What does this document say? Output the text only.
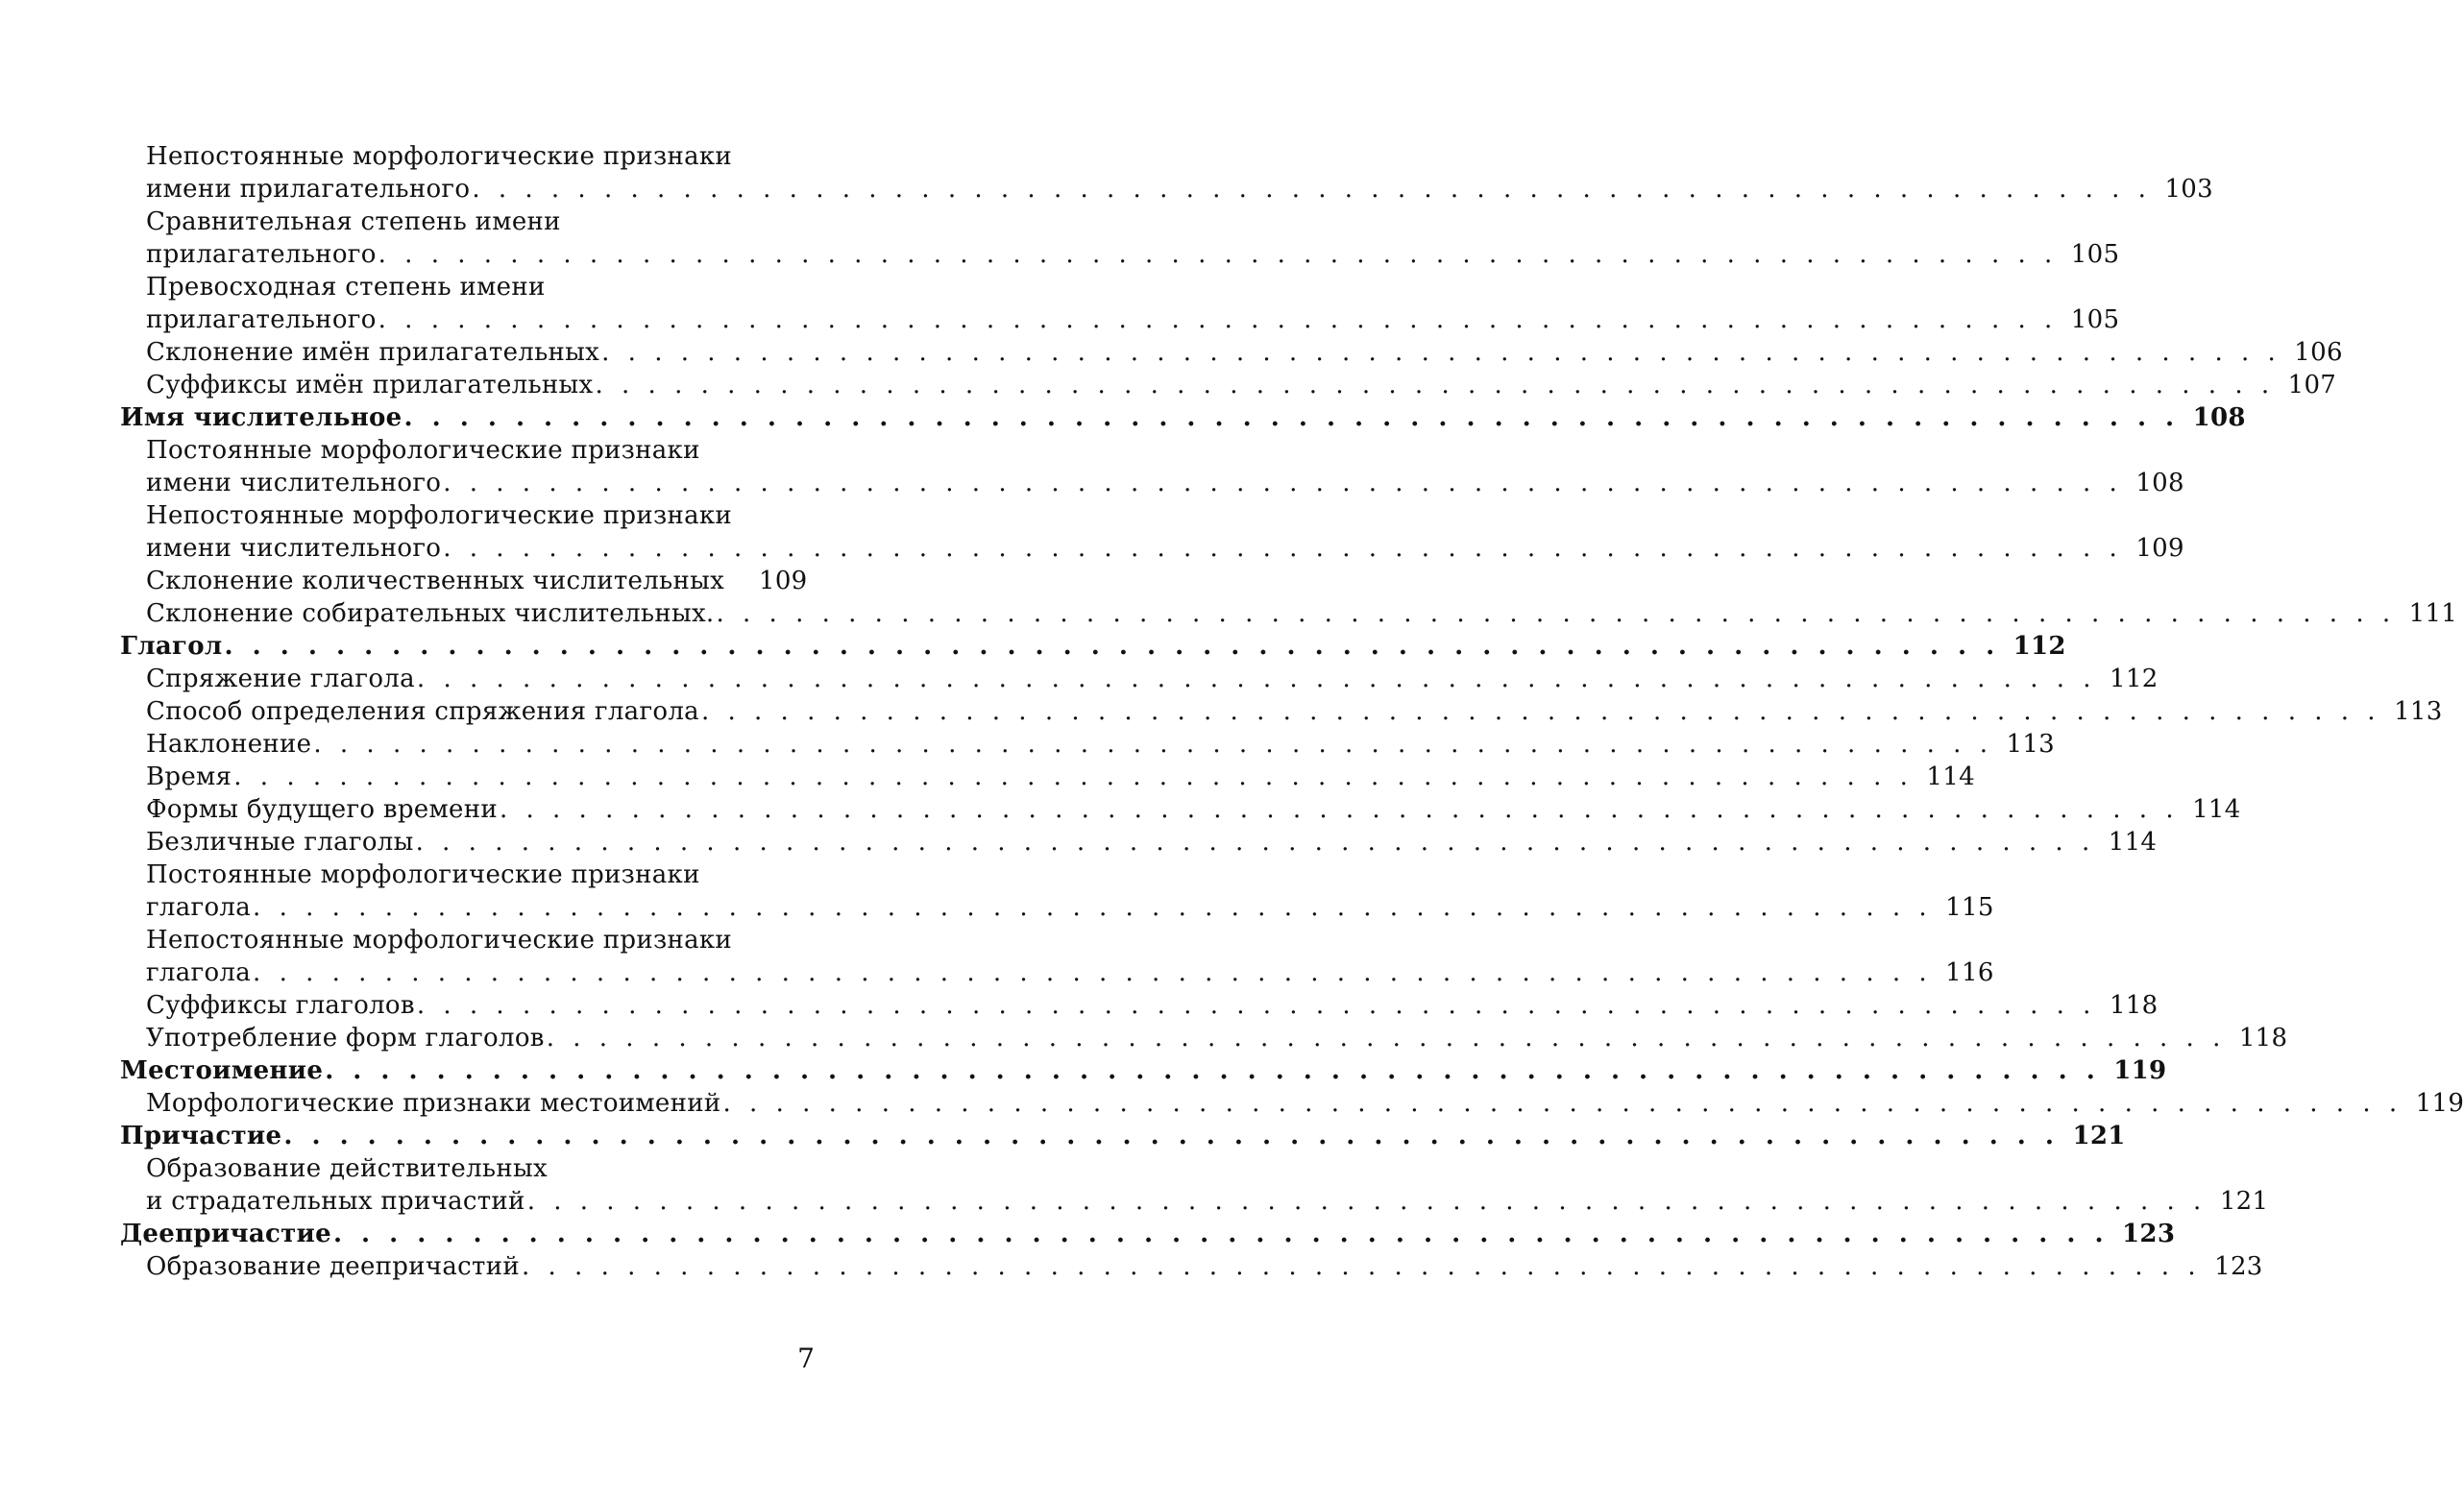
Непостоянные морфологические признаки
имени прилагательного . . . . . . . . . . . . . . . . . . . . . . . . . . . . . . . . . . . . . . . . . . . . . . . . . . . . . . . . . . . . . . . . 103
Сравнительная степень имени
прилагательного . . . . . . . . . . . . . . . . . . . . . . . . . . . . . . . . . . . . . . . . . . . . . . . . . . . . . . . . . . . . . . . . 105
Превосходная степень имени
прилагательного . . . . . . . . . . . . . . . . . . . . . . . . . . . . . . . . . . . . . . . . . . . . . . . . . . . . . . . . . . . . . . . . 105
Склонение имён прилагательных . . . . . . . . . . . . . . . . . . . . . . . . . . . . . . . . . . . . . . . . . . . . . . . . . . . . . . . . . . . . . . . . 106
Суффиксы имён прилагательных . . . . . . . . . . . . . . . . . . . . . . . . . . . . . . . . . . . . . . . . . . . . . . . . . . . . . . . . . . . . . . . . 107
Имя числительное . . . . . . . . . . . . . . . . . . . . . . . . . . . . . . . . . . . . . . . . . . . . . . . . . . . . . . . . . . . . . . . . 108
Постоянные морфологические признаки
имени числительного . . . . . . . . . . . . . . . . . . . . . . . . . . . . . . . . . . . . . . . . . . . . . . . . . . . . . . . . . . . . . . . . 108
Непостоянные морфологические признаки
имени числительного . . . . . . . . . . . . . . . . . . . . . . . . . . . . . . . . . . . . . . . . . . . . . . . . . . . . . . . . . . . . . . . . 109
Склонение количественных числительных 109
Склонение собирательных числительных. . . . . . . . . . . . . . . . . . . . . . . . . . . . . . . . . . . . . . . . . . . . . . . . . . . . . . . . . . . . . . . . . 111
Глагол . . . . . . . . . . . . . . . . . . . . . . . . . . . . . . . . . . . . . . . . . . . . . . . . . . . . . . . . . . . . . . . . 112
Спряжение глагола . . . . . . . . . . . . . . . . . . . . . . . . . . . . . . . . . . . . . . . . . . . . . . . . . . . . . . . . . . . . . . . . 112
Способ определения спряжения глагола . . . . . . . . . . . . . . . . . . . . . . . . . . . . . . . . . . . . . . . . . . . . . . . . . . . . . . . . . . . . . . . . 113
Наклонение . . . . . . . . . . . . . . . . . . . . . . . . . . . . . . . . . . . . . . . . . . . . . . . . . . . . . . . . . . . . . . . . 113
Время . . . . . . . . . . . . . . . . . . . . . . . . . . . . . . . . . . . . . . . . . . . . . . . . . . . . . . . . . . . . . . . . 114
Формы будущего времени . . . . . . . . . . . . . . . . . . . . . . . . . . . . . . . . . . . . . . . . . . . . . . . . . . . . . . . . . . . . . . . . 114
Безличные глаголы . . . . . . . . . . . . . . . . . . . . . . . . . . . . . . . . . . . . . . . . . . . . . . . . . . . . . . . . . . . . . . . . 114
Постоянные морфологические признаки
глагола . . . . . . . . . . . . . . . . . . . . . . . . . . . . . . . . . . . . . . . . . . . . . . . . . . . . . . . . . . . . . . . . 115
Непостоянные морфологические признаки
глагола . . . . . . . . . . . . . . . . . . . . . . . . . . . . . . . . . . . . . . . . . . . . . . . . . . . . . . . . . . . . . . . . 116
Суффиксы глаголов . . . . . . . . . . . . . . . . . . . . . . . . . . . . . . . . . . . . . . . . . . . . . . . . . . . . . . . . . . . . . . . . 118
Употребление форм глаголов . . . . . . . . . . . . . . . . . . . . . . . . . . . . . . . . . . . . . . . . . . . . . . . . . . . . . . . . . . . . . . . . 118
Местоимение . . . . . . . . . . . . . . . . . . . . . . . . . . . . . . . . . . . . . . . . . . . . . . . . . . . . . . . . . . . . . . . . 119
Морфологические признаки местоимений . . . . . . . . . . . . . . . . . . . . . . . . . . . . . . . . . . . . . . . . . . . . . . . . . . . . . . . . . . . . . . . . 119
Причастие . . . . . . . . . . . . . . . . . . . . . . . . . . . . . . . . . . . . . . . . . . . . . . . . . . . . . . . . . . . . . . . . 121
Образование действительных
и страдательных причастий . . . . . . . . . . . . . . . . . . . . . . . . . . . . . . . . . . . . . . . . . . . . . . . . . . . . . . . . . . . . . . . . 121
Деепричастие . . . . . . . . . . . . . . . . . . . . . . . . . . . . . . . . . . . . . . . . . . . . . . . . . . . . . . . . . . . . . . . . 123
Образование деепричастий . . . . . . . . . . . . . . . . . . . . . . . . . . . . . . . . . . . . . . . . . . . . . . . . . . . . . . . . . . . . . . . . 123
7
